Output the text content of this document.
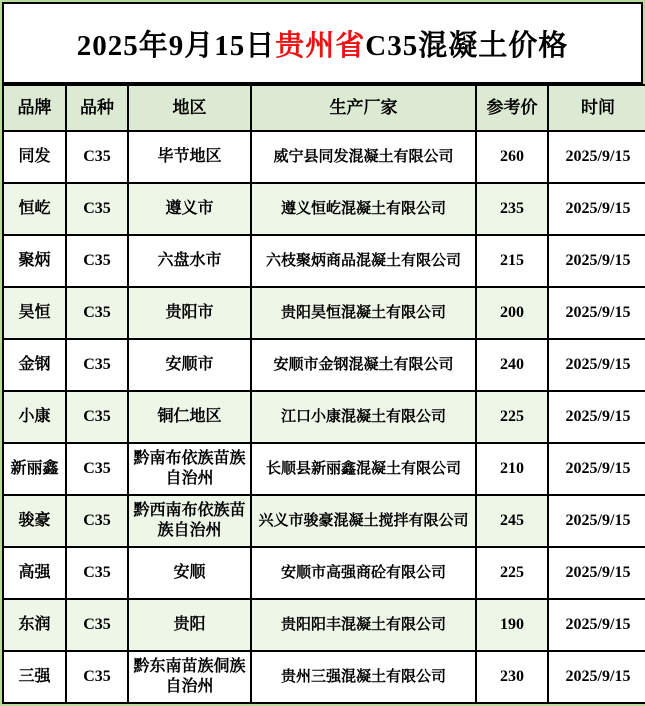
2025年9月15日 贵州省 C35混凝土价格
品牌	品种	地区	生产厂家	参考价	时间
同发	C35	毕节地区	威宁县同发混凝土有限公司	260	2025/9/15
恒屹	C35	遵义市	遵义恒屹混凝土有限公司	235	2025/9/15
聚炳	C35	六盘水市	六枝聚炳商品混凝土有限公司	215	2025/9/15
昊恒	C35	贵阳市	贵阳昊恒混凝土有限公司	200	2025/9/15
金钢	C35	安顺市	安顺市金钢混凝土有限公司	240	2025/9/15
小康	C35	铜仁地区	江口小康混凝土有限公司	225	2025/9/15
新丽鑫	C35	黔南布依族苗族自治州	长顺县新丽鑫混凝土有限公司	210	2025/9/15
骏豪	C35	黔西南布依族苗族自治州	兴义市骏豪混凝土搅拌有限公司	245	2025/9/15
高强	C35	安顺	安顺市高强商砼有限公司	225	2025/9/15
东润	C35	贵阳	贵阳阳丰混凝土有限公司	190	2025/9/15
三强	C35	黔东南苗族侗族自治州	贵州三强混凝土有限公司	230	2025/9/15
